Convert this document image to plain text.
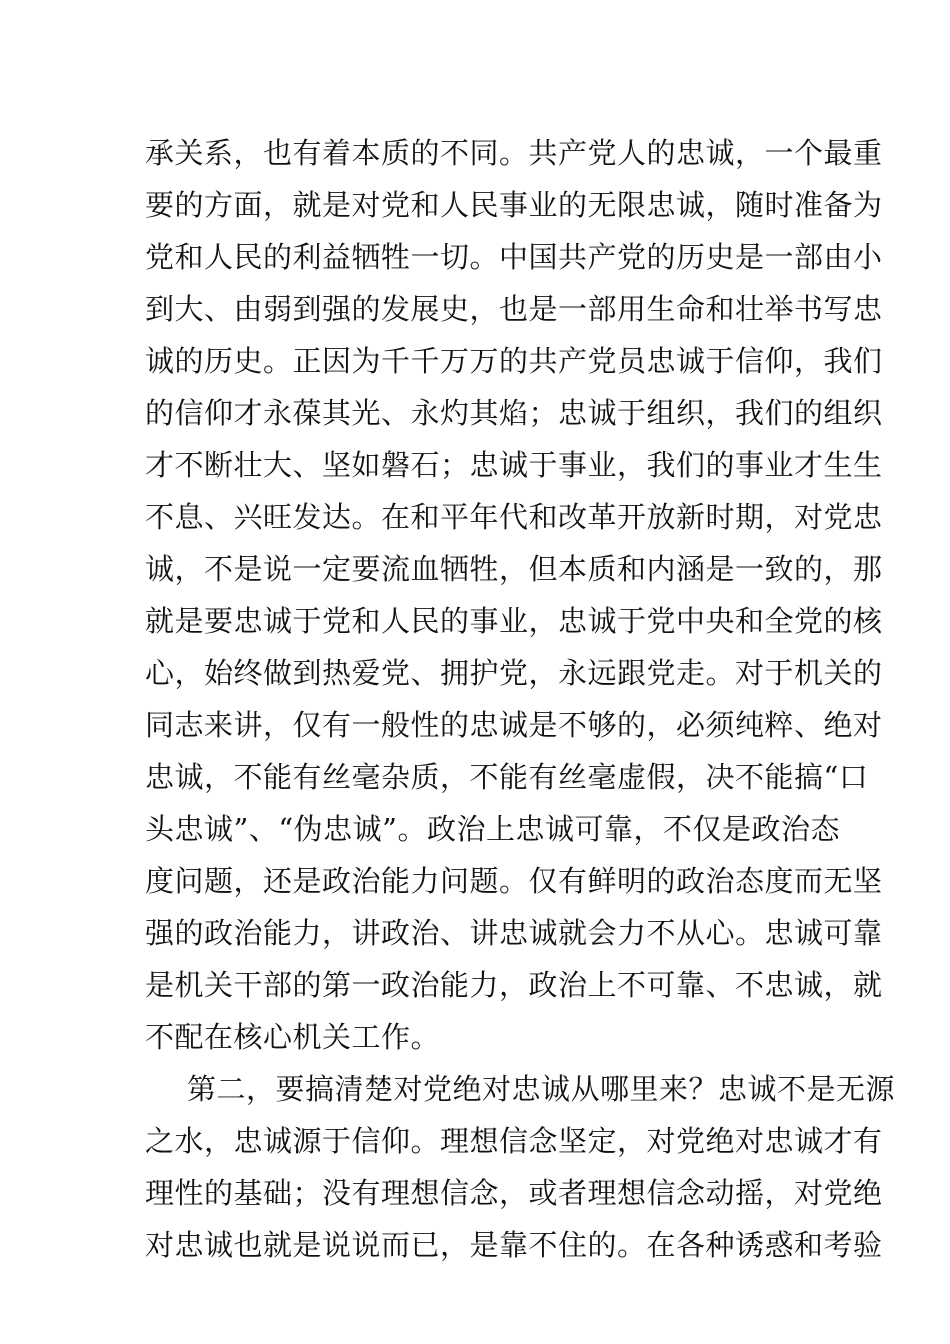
承关系，也有着本质的不同。共产党人的忠诚，一个最重
要的方面，就是对党和人民事业的无限忠诚，随时准备为
党和人民的利益牺牲一切。中国共产党的历史是一部由小
到大、由弱到强的发展史，也是一部用生命和壮举书写忠
诚的历史。正因为千千万万的共产党员忠诚于信仰，我们
的信仰才永葆其光、永灼其焰；忠诚于组织，我们的组织
才不断壮大、坚如磐石；忠诚于事业，我们的事业才生生
不息、兴旺发达。在和平年代和改革开放新时期，对党忠
诚，不是说一定要流血牺牲，但本质和内涵是一致的，那
就是要忠诚于党和人民的事业，忠诚于党中央和全党的核
心，始终做到热爱党、拥护党，永远跟党走。对于机关的
同志来讲，仅有一般性的忠诚是不够的，必须纯粹、绝对
忠诚，不能有丝毫杂质，不能有丝毫虚假，决不能搞“口
头忠诚”、“伪忠诚”。政治上忠诚可靠，不仅是政治态
度问题，还是政治能力问题。仅有鲜明的政治态度而无坚
强的政治能力，讲政治、讲忠诚就会力不从心。忠诚可靠
是机关干部的第一政治能力，政治上不可靠、不忠诚，就
不配在核心机关工作。
第二，要搞清楚对党绝对忠诚从哪里来？忠诚不是无源
之水，忠诚源于信仰。理想信念坚定，对党绝对忠诚才有
理性的基础；没有理想信念，或者理想信念动摇，对党绝
对忠诚也就是说说而已，是靠不住的。在各种诱惑和考验
